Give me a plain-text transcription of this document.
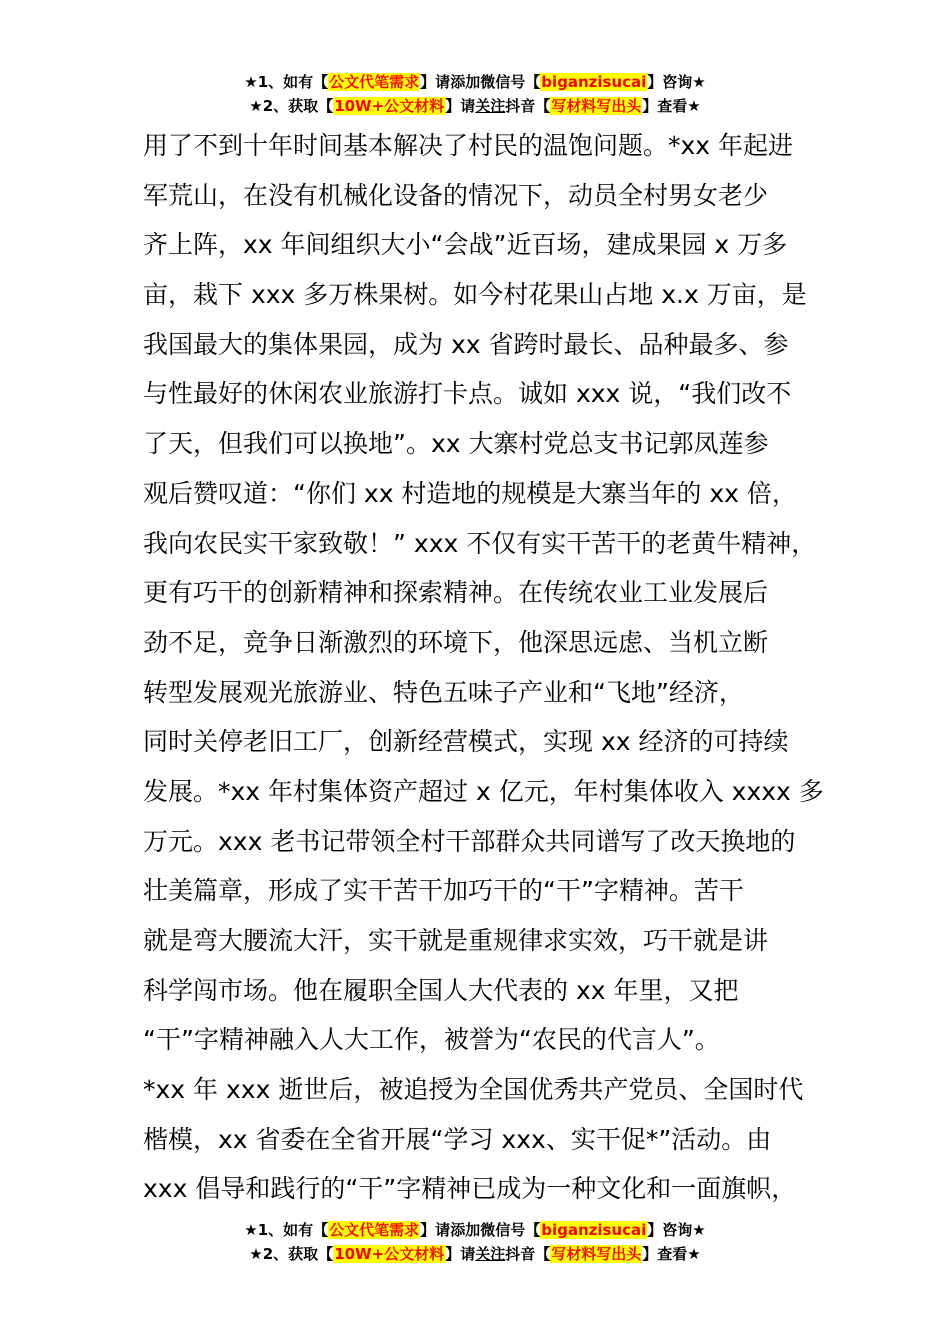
★1、如有【公文代笔需求】请添加微信号【biganzisucai】咨询★
★2、获取【10W+公文材料】请关注抖音【写材料写出头】查看★
用了不到十年时间基本解决了村民的温饱问题。*xx 年起进
军荒山，在没有机械化设备的情况下，动员全村男女老少
齐上阵，xx 年间组织大小“会战”近百场，建成果园 x 万多
亩，栽下 xxx 多万株果树。如今村花果山占地 x.x 万亩，是
我国最大的集体果园，成为 xx 省跨时最长、品种最多、参
与性最好的休闲农业旅游打卡点。诚如 xxx 说，“我们改不
了天，但我们可以换地”。xx 大寨村党总支书记郭凤莲参
观后赞叹道：“你们 xx 村造地的规模是大寨当年的 xx 倍，
我向农民实干家致敬！” xxx 不仅有实干苦干的老黄牛精神，
更有巧干的创新精神和探索精神。在传统农业工业发展后
劲不足，竞争日渐激烈的环境下，他深思远虑、当机立断
转型发展观光旅游业、特色五味子产业和“飞地”经济，
同时关停老旧工厂，创新经营模式，实现 xx 经济的可持续
发展。*xx 年村集体资产超过 x 亿元，年村集体收入 xxxx 多
万元。xxx 老书记带领全村干部群众共同谱写了改天换地的
壮美篇章，形成了实干苦干加巧干的“干”字精神。苦干
就是弯大腰流大汗，实干就是重规律求实效，巧干就是讲
科学闯市场。他在履职全国人大代表的 xx 年里，又把
“干”字精神融入人大工作，被誉为“农民的代言人”。
*xx 年 xxx 逝世后，被追授为全国优秀共产党员、全国时代
楷模，xx 省委在全省开展“学习 xxx、实干促*”活动。由
xxx 倡导和践行的“干”字精神已成为一种文化和一面旗帜，
★1、如有【公文代笔需求】请添加微信号【biganzisucai】咨询★
★2、获取【10W+公文材料】请关注抖音【写材料写出头】查看★
